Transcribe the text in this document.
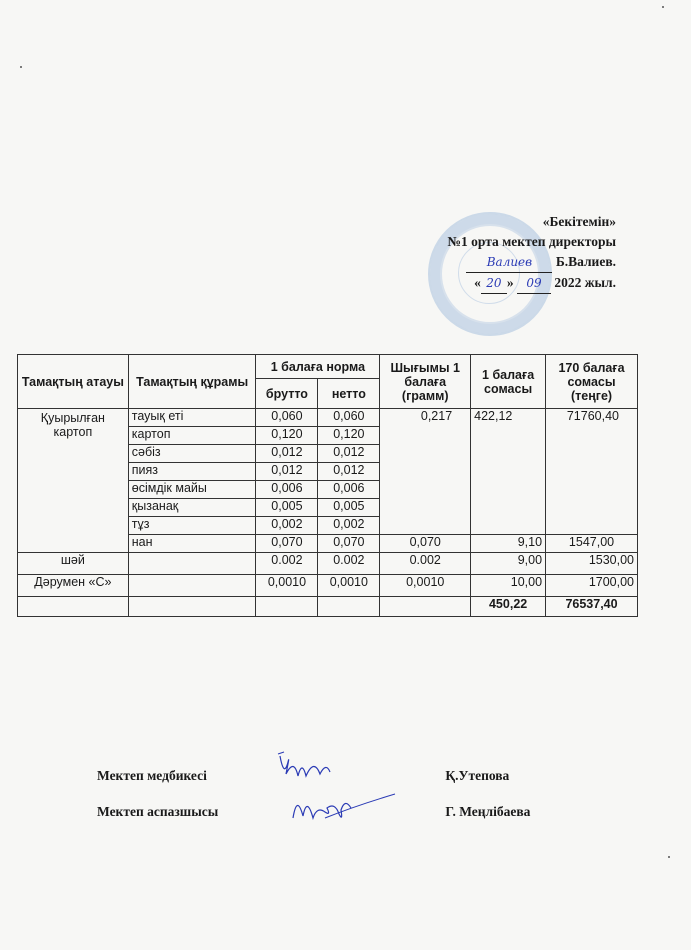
«Бекітемін»
№1 орта мектеп директоры
Валиев Б.Валиев.
« 20 » 09 2022 жыл.
Тамақтың атауы	Тамақтың құрамы	1 балаға норма		Шығымы 1 балаға (грамм)	1 балаға сомасы	170 балаға сомасы (теңге)
		брутто	нетто			
Қуырылған картоп	тауық еті	0,060	0,060	0,217	422,12	71760,40
	картоп	0,120	0,120			
	сәбіз	0,012	0,012			
	пияз	0,012	0,012			
	өсімдік майы	0,006	0,006			
	қызанақ	0,005	0,005			
	тұз	0,002	0,002			
	нан	0,070	0,070	0,070	9,10	1547,00
шәй		0.002	0.002	0.002	9,00	1530,00
Дәрумен «С»		0,0010	0,0010	0,0010	10,00	1700,00
					450,22	76537,40
Мектеп медбикесі	Қ.Утепова
Мектеп аспазшысы	Г. Меңлібаева
